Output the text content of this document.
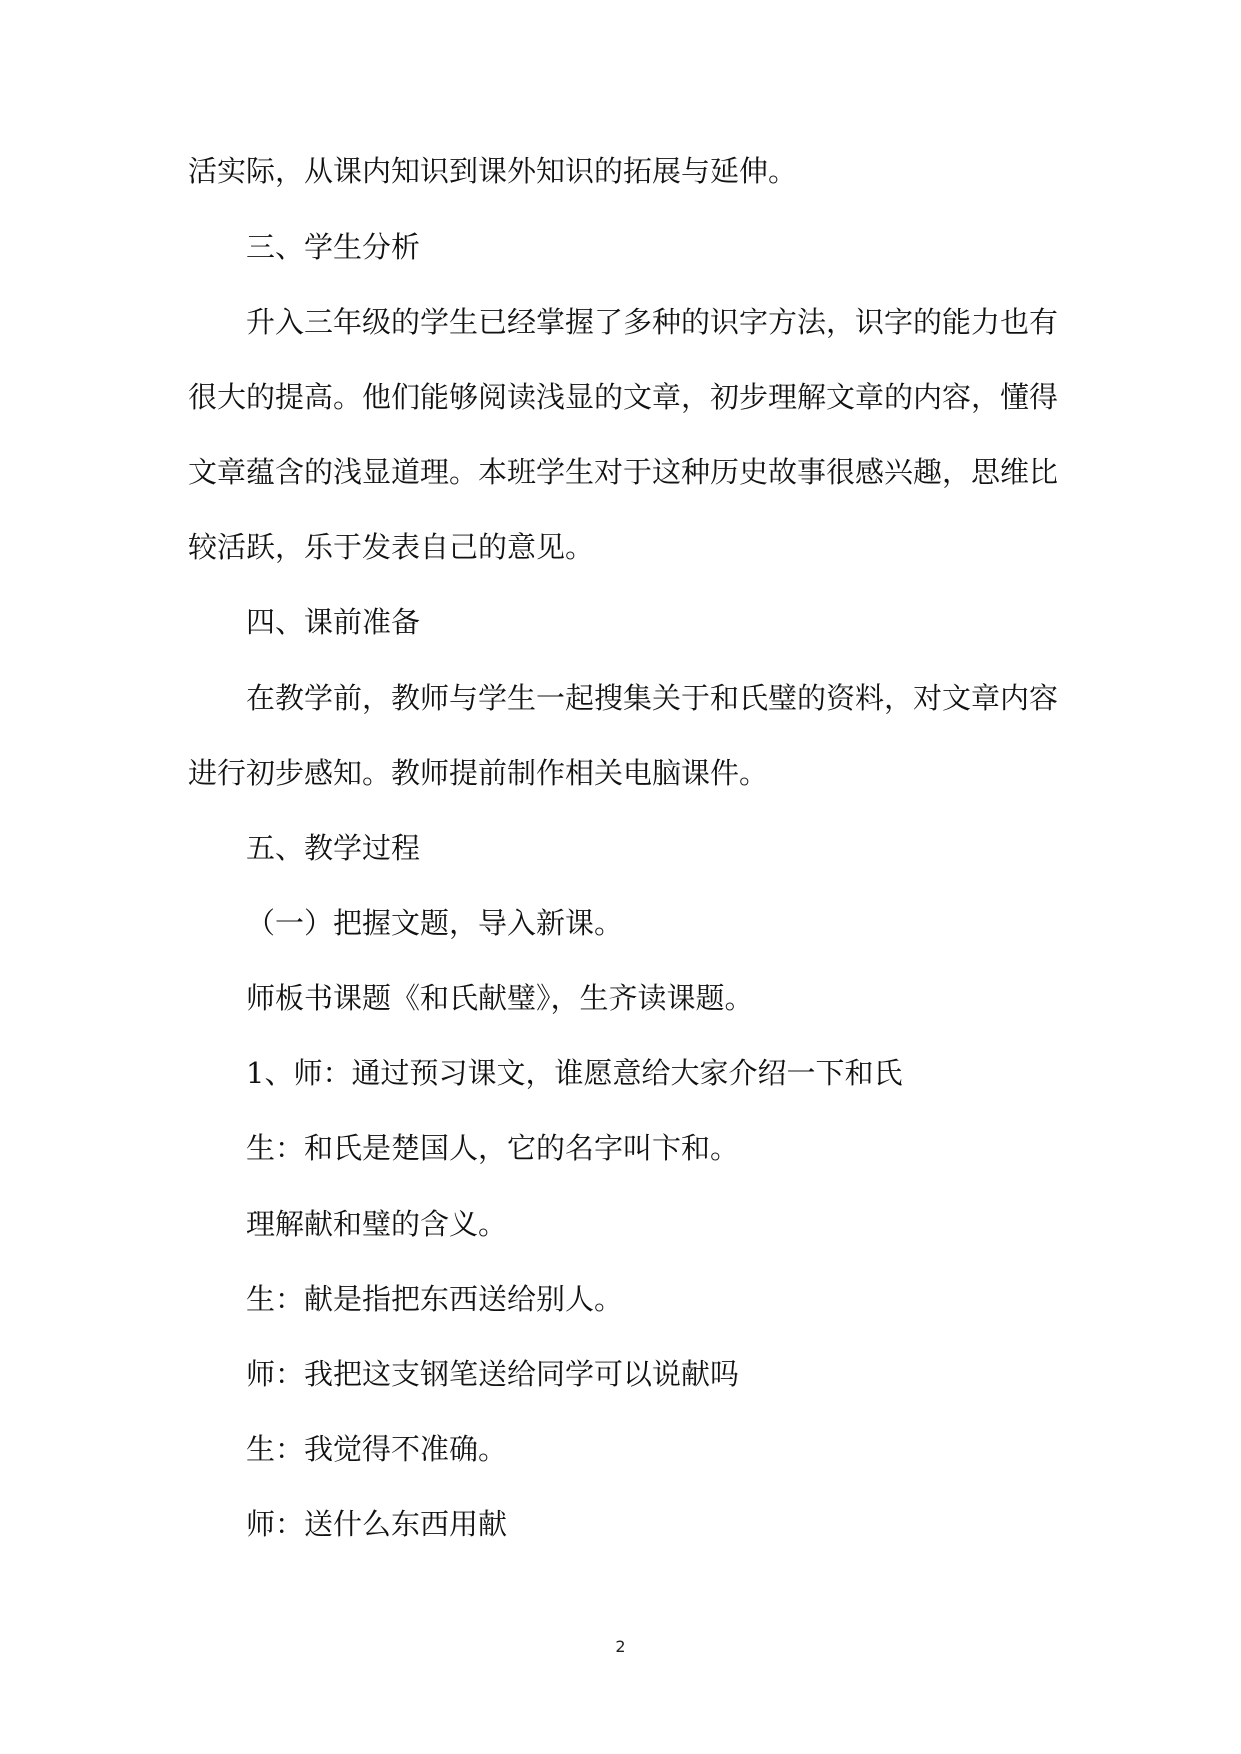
活实际，从课内知识到课外知识的拓展与延伸。
三、学生分析
升入三年级的学生已经掌握了多种的识字方法，识字的能力也有
很大的提高。他们能够阅读浅显的文章，初步理解文章的内容，懂得
文章蕴含的浅显道理。本班学生对于这种历史故事很感兴趣，思维比
较活跃，乐于发表自己的意见。
四、课前准备
在教学前，教师与学生一起搜集关于和氏璧的资料，对文章内容
进行初步感知。教师提前制作相关电脑课件。
五、教学过程
（一）把握文题，导入新课。
师板书课题《和氏献璧》，生齐读课题。
1、师：通过预习课文，谁愿意给大家介绍一下和氏
生：和氏是楚国人，它的名字叫卞和。
理解献和璧的含义。
生：献是指把东西送给别人。
师：我把这支钢笔送给同学可以说献吗
生：我觉得不准确。
师：送什么东西用献
2
